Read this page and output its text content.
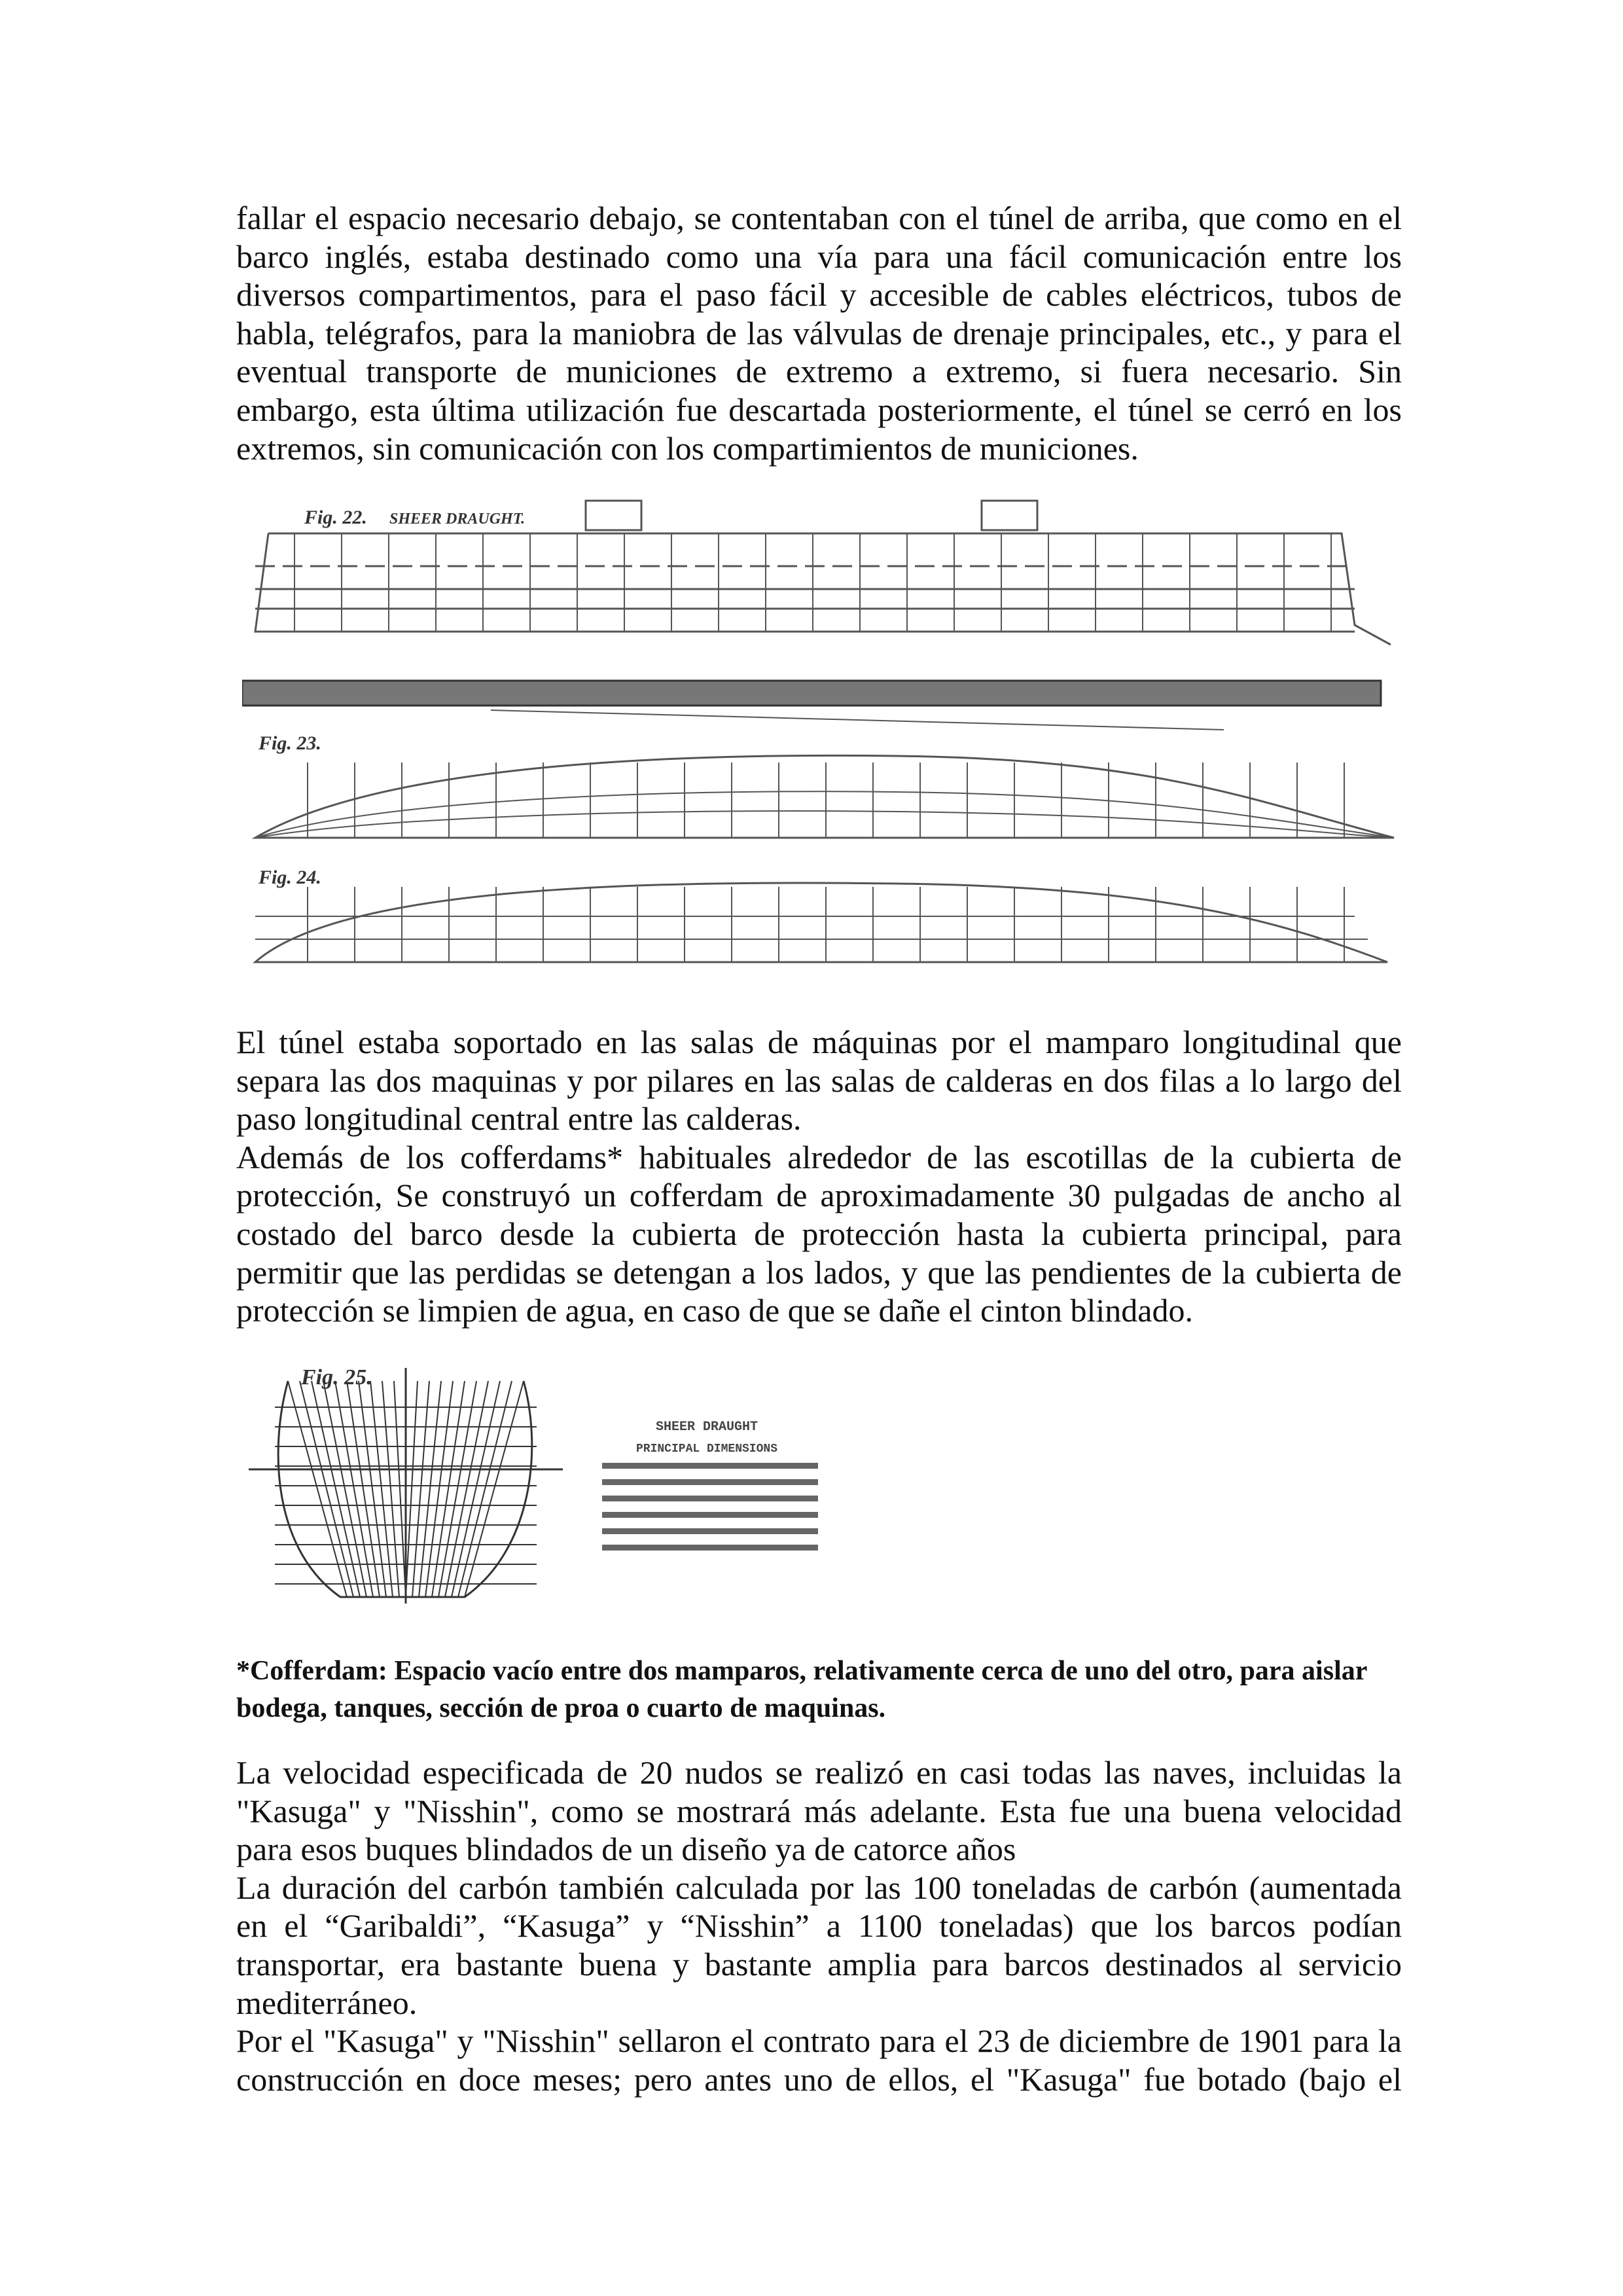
fallar el espacio necesario debajo, se contentaban con el túnel de arriba, que como en el barco inglés, estaba destinado como una vía para una fácil comunicación entre los diversos compartimentos, para el paso fácil y accesible de cables eléctricos, tubos de habla, telégrafos, para la maniobra de las válvulas de drenaje principales, etc., y para el eventual transporte de municiones de extremo a extremo, si fuera necesario. Sin embargo, esta última utilización fue descartada posteriormente, el túnel se cerró en los extremos, sin comunicación con los compartimientos de municiones.

Fig. 22. SHEER DRAUGHT.
Fig. 23.
Fig. 24.

El túnel estaba soportado en las salas de máquinas por el mamparo longitudinal que separa las dos maquinas y por pilares en las salas de calderas en dos filas a lo largo del paso longitudinal central entre las calderas.

Además de los cofferdams* habituales alrededor de las escotillas de la cubierta de protección, Se construyó un cofferdam de aproximadamente 30 pulgadas de ancho al costado del barco desde la cubierta de protección hasta la cubierta principal, para permitir que las perdidas se detengan a los lados, y que las pendientes de la cubierta de protección se limpien de agua, en caso de que se dañe el cinton blindado.

Fig. 25.
SHEER DRAUGHT
PRINCIPAL DIMENSIONS

*Cofferdam: Espacio vacío entre dos mamparos, relativamente cerca de uno del otro, para aislar bodega, tanques, sección de proa o cuarto de maquinas.

La velocidad especificada de 20 nudos se realizó en casi todas las naves, incluidas la "Kasuga" y "Nisshin", como se mostrará más adelante. Esta fue una buena velocidad para esos buques blindados de un diseño ya de catorce años

La duración del carbón también calculada por las 100 toneladas de carbón (aumentada en el “Garibaldi”, “Kasuga” y “Nisshin” a 1100 toneladas) que los barcos podían transportar, era bastante buena y bastante amplia para barcos destinados al servicio mediterráneo.

Por el "Kasuga" y "Nisshin" sellaron el contrato para el 23 de diciembre de 1901 para la construcción en doce meses; pero antes uno de ellos, el "Kasuga" fue botado (bajo el
